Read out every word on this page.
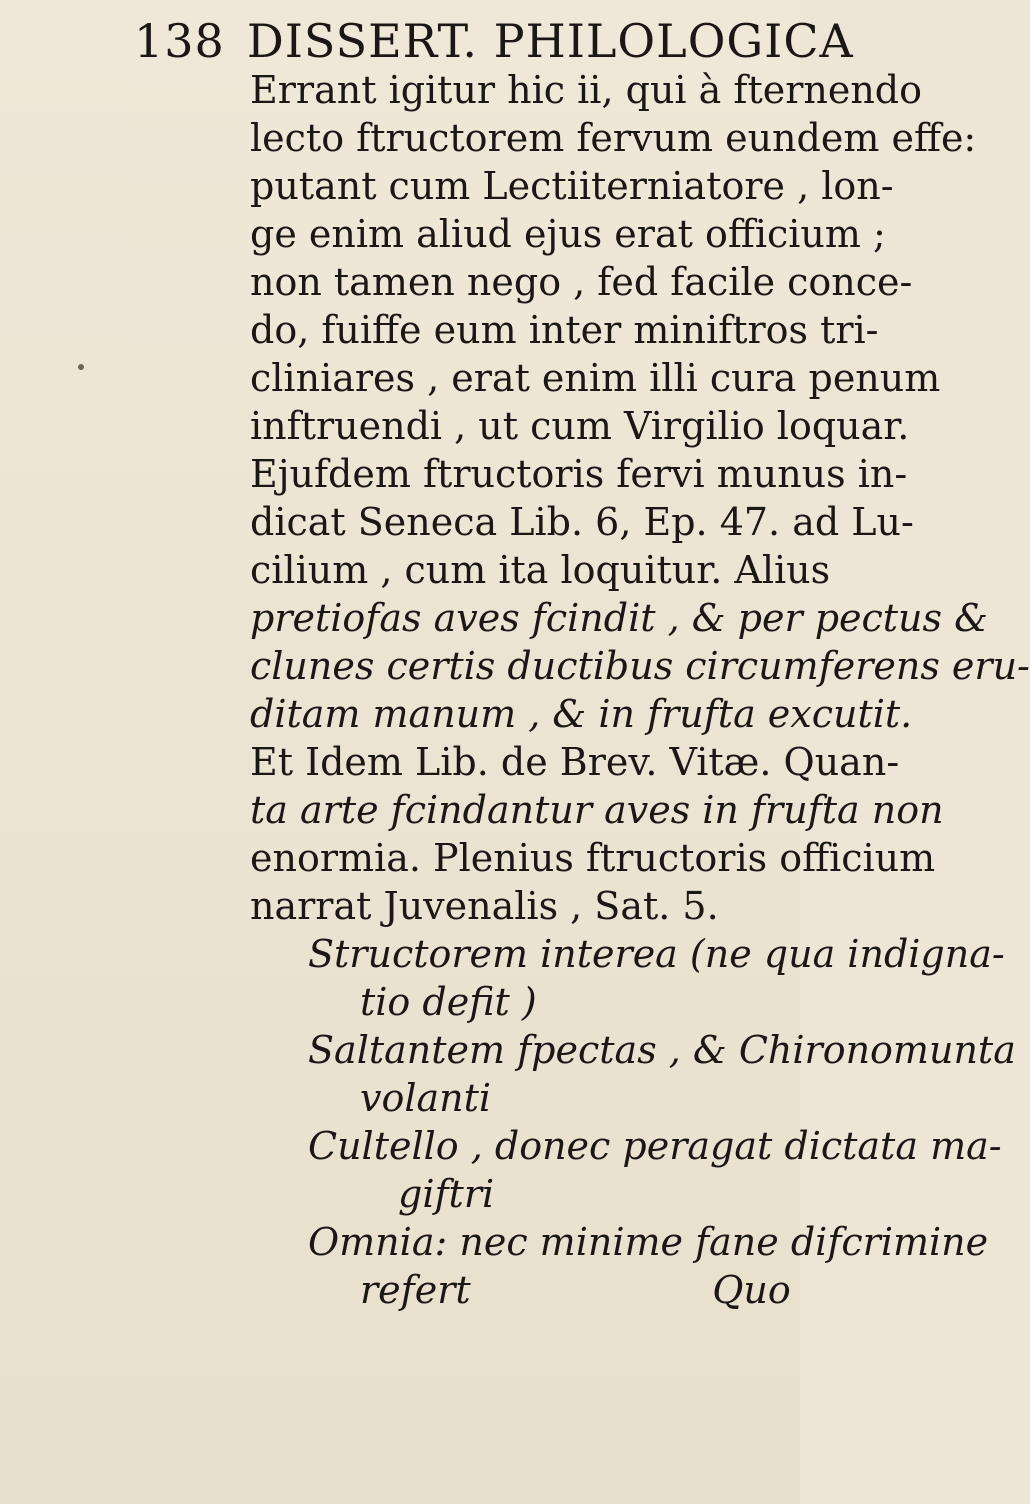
138 DISSERT. PHILOLOGICA
Errant igitur hic ii, qui à fternendo
lecto ftructorem fervum eundem effe:
putant cum Lectiiterniatore , lon-
ge enim aliud ejus erat officium ;
non tamen nego , fed facile conce-
do, fuiffe eum inter miniftros tri-
cliniares , erat enim illi cura penum
inftruendi , ut cum Virgilio loquar.
Ejufdem ftructoris fervi munus in-
dicat Seneca Lib. 6, Ep. 47. ad Lu-
cilium , cum ita loquitur. Alius
pretiofas aves fcindit , & per pectus &
clunes certis ductibus circumferens eru-
ditam manum , & in frufta excutit.
Et Idem Lib. de Brev. Vitæ. Quan-
ta arte fcindantur aves in frufta non
enormia. Plenius ftructoris officium
narrat Juvenalis , Sat. 5.
Structorem interea (ne qua indigna-
tio defit )
Saltantem fpectas , & Chironomunta
volanti
Cultello , donec peragat dictata ma-
giftri
Omnia: nec minime fane difcrimine
refert                    Quo
